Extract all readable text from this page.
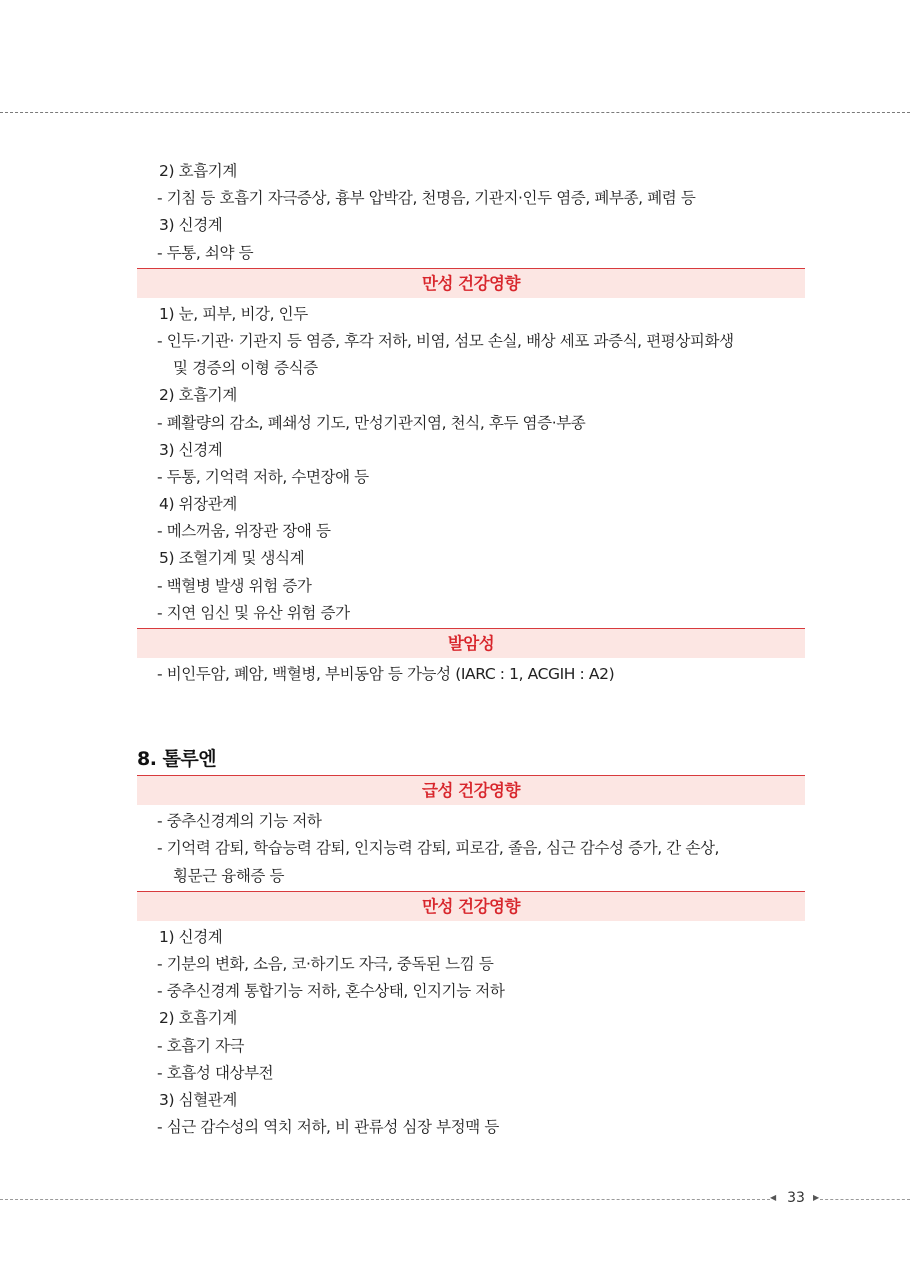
2) 호흡기계
- 기침 등 호흡기 자극증상, 흉부 압박감, 천명음, 기관지·인두 염증, 폐부종, 폐렴 등
3) 신경계
- 두통, 쇠약 등
만성 건강영향
1) 눈, 피부, 비강, 인두
- 인두·기관· 기관지 등 염증, 후각 저하, 비염, 섬모 손실, 배상 세포 과증식, 편평상피화생
및 경증의 이형 증식증
2) 호흡기계
- 폐활량의 감소, 폐쇄성 기도, 만성기관지염, 천식, 후두 염증·부종
3) 신경계
- 두통, 기억력 저하, 수면장애 등
4) 위장관계
- 메스꺼움, 위장관 장애 등
5) 조혈기계 및 생식계
- 백혈병 발생 위험 증가
- 지연 임신 및 유산 위험 증가
발암성
- 비인두암, 폐암, 백혈병, 부비동암 등 가능성 (IARC : 1, ACGIH : A2)
8. 톨루엔
급성 건강영향
- 중추신경계의 기능 저하
- 기억력 감퇴, 학습능력 감퇴, 인지능력 감퇴, 피로감, 졸음, 심근 감수성 증가, 간 손상,
횡문근 융해증 등
만성 건강영향
1) 신경계
- 기분의 변화, 소음, 코·하기도 자극, 중독된 느낌 등
- 중추신경계 통합기능 저하, 혼수상태, 인지기능 저하
2) 호흡기계
- 호흡기 자극
- 호흡성 대상부전
3) 심혈관계
- 심근 감수성의 역치 저하, 비 관류성 심장 부정맥 등
◀ 33	▶
